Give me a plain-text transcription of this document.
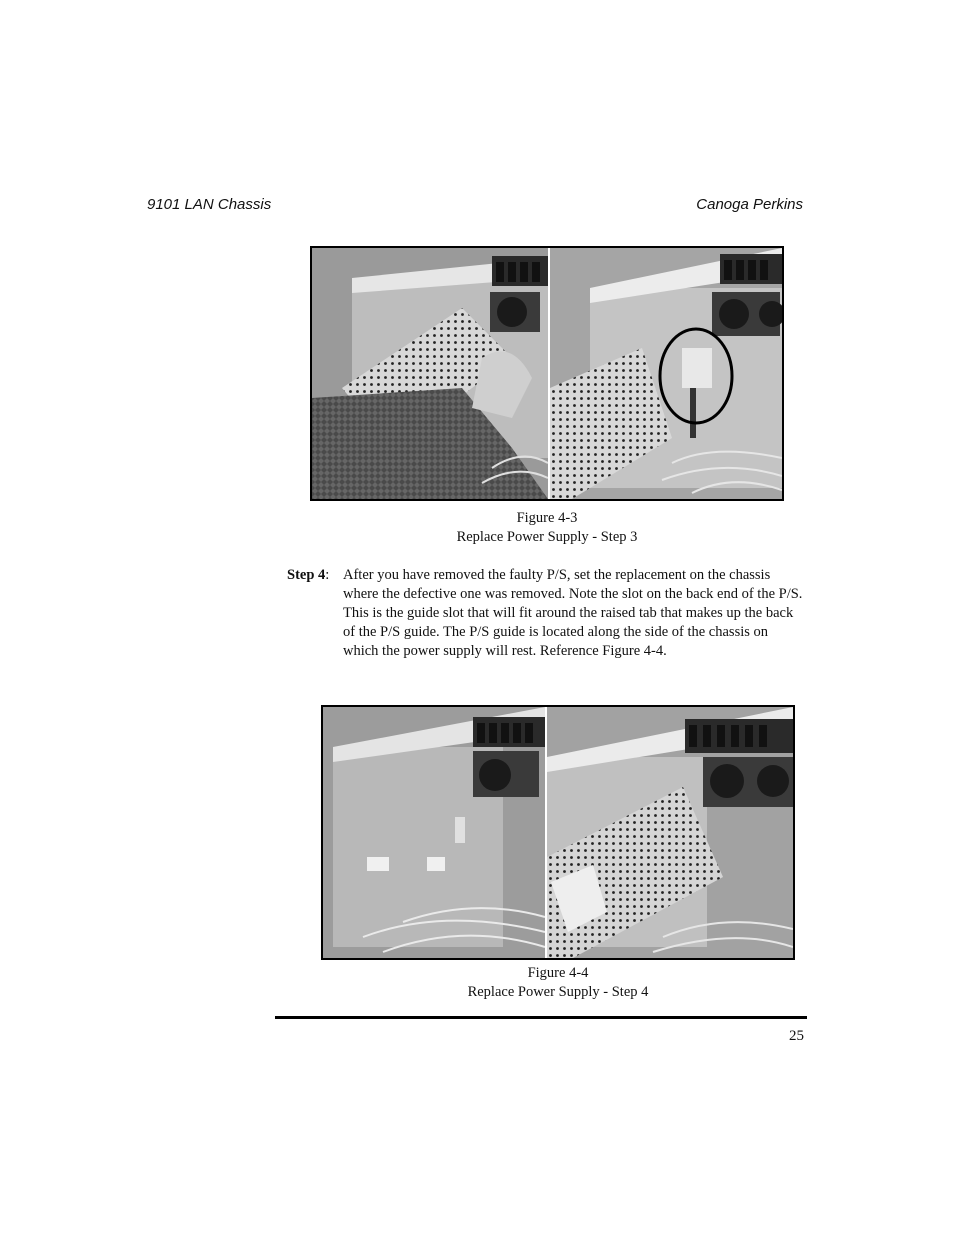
9101 LAN Chassis	Canoga Perkins
Figure 4-3
Replace Power Supply - Step 3
Step 4: After you have removed the faulty P/S, set the replacement on the chassis where the defective one was removed. Note the slot on the back end of the P/S. This is the guide slot that will fit around the raised tab that makes up the back of the P/S guide. The P/S guide is located along the side of the chassis on which the power supply will rest. Reference Figure 4-4.
Figure 4-4
Replace Power Supply - Step 4
25
